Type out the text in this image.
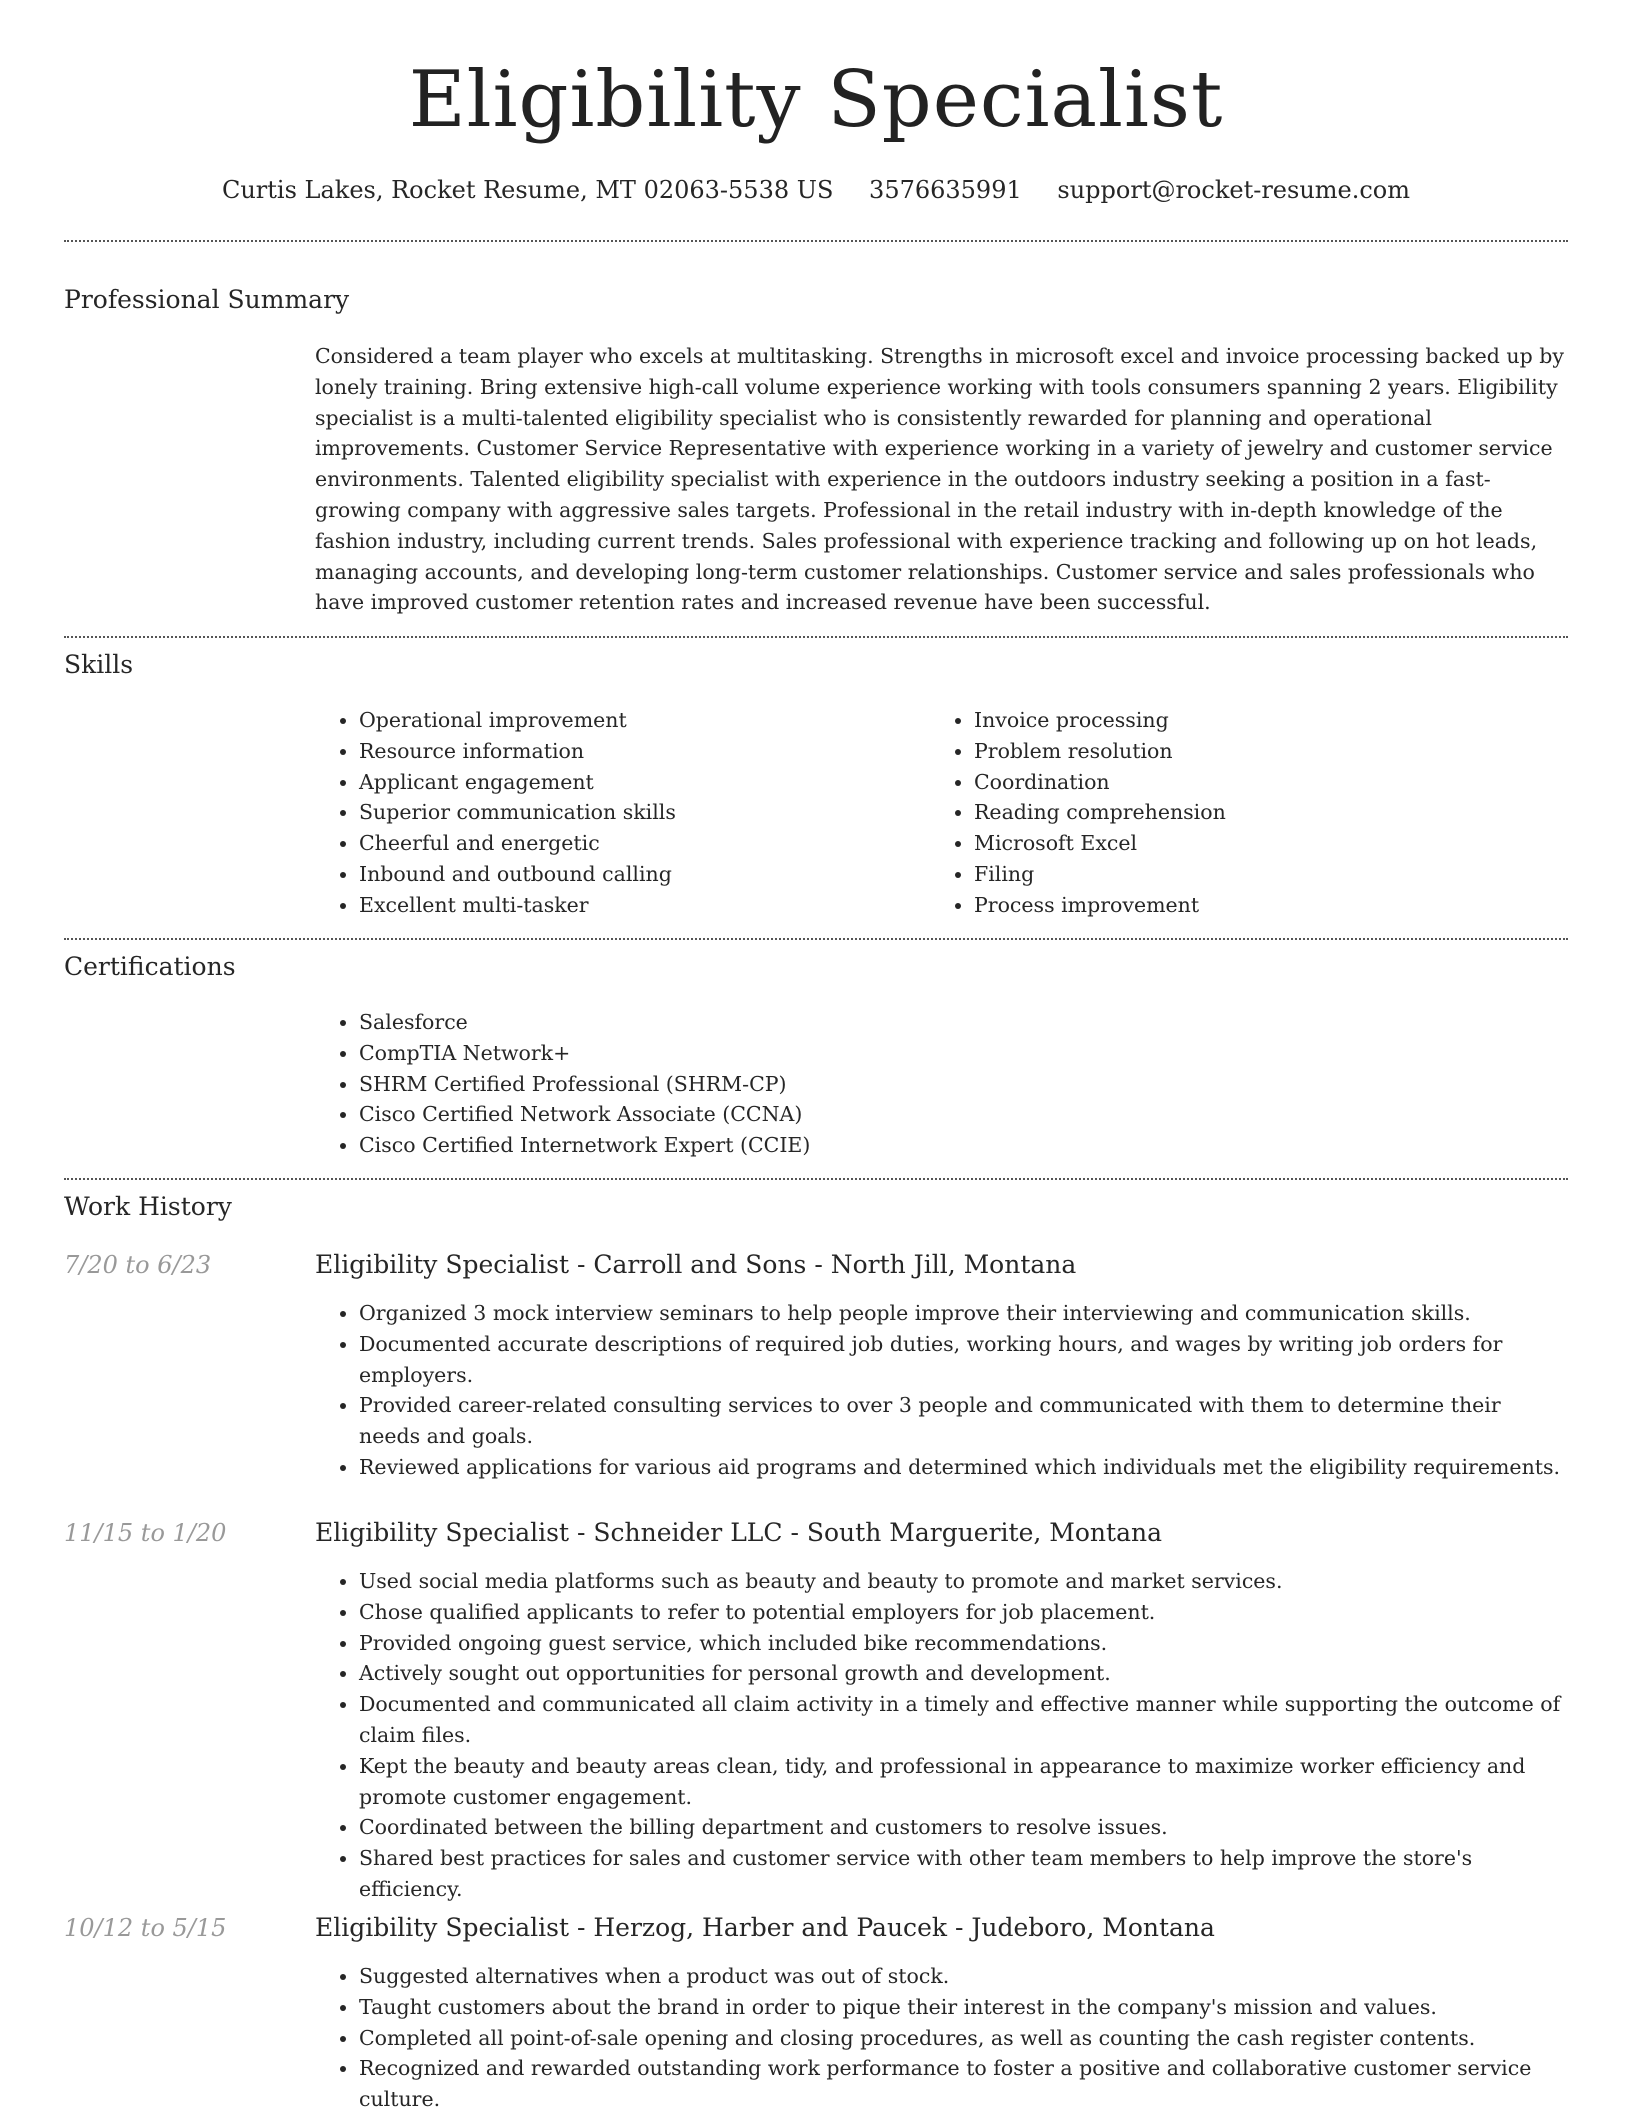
Eligibility Specialist
Curtis Lakes, Rocket Resume, MT 02063-5538 US 3576635991 support@rocket-resume.com
Professional Summary

Considered a team player who excels at multitasking. Strengths in microsoft excel and invoice processing backed up by lonely training. Bring extensive high-call volume experience working with tools consumers spanning 2 years. Eligibility specialist is a multi-talented eligibility specialist who is consistently rewarded for planning and operational improvements. Customer Service Representative with experience working in a variety of jewelry and customer service environments. Talented eligibility specialist with experience in the outdoors industry seeking a position in a fast-growing company with aggressive sales targets. Professional in the retail industry with in-depth knowledge of the fashion industry, including current trends. Sales professional with experience tracking and following up on hot leads, managing accounts, and developing long-term customer relationships. Customer service and sales professionals who have improved customer retention rates and increased revenue have been successful.

Skills
• Operational improvement
• Resource information
• Applicant engagement
• Superior communication skills
• Cheerful and energetic
• Inbound and outbound calling
• Excellent multi-tasker
• Invoice processing
• Problem resolution
• Coordination
• Reading comprehension
• Microsoft Excel
• Filing
• Process improvement
Certifications
• Salesforce
• CompTIA Network+
• SHRM Certified Professional (SHRM-CP)
• Cisco Certified Network Associate (CCNA)
• Cisco Certified Internetwork Expert (CCIE)
Work History
7/20 to 6/23	Eligibility Specialist - Carroll and Sons - North Jill, Montana
• Organized 3 mock interview seminars to help people improve their interviewing and communication skills.
• Documented accurate descriptions of required job duties, working hours, and wages by writing job orders for employers.
• Provided career-related consulting services to over 3 people and communicated with them to determine their needs and goals.
• Reviewed applications for various aid programs and determined which individuals met the eligibility requirements.
11/15 to 1/20	Eligibility Specialist - Schneider LLC - South Marguerite, Montana
• Used social media platforms such as beauty and beauty to promote and market services.
• Chose qualified applicants to refer to potential employers for job placement.
• Provided ongoing guest service, which included bike recommendations.
• Actively sought out opportunities for personal growth and development.
• Documented and communicated all claim activity in a timely and effective manner while supporting the outcome of claim files.
• Kept the beauty and beauty areas clean, tidy, and professional in appearance to maximize worker efficiency and promote customer engagement.
• Coordinated between the billing department and customers to resolve issues.
• Shared best practices for sales and customer service with other team members to help improve the store's efficiency.
10/12 to 5/15	Eligibility Specialist - Herzog, Harber and Paucek - Judeboro, Montana
• Suggested alternatives when a product was out of stock.
• Taught customers about the brand in order to pique their interest in the company's mission and values.
• Completed all point-of-sale opening and closing procedures, as well as counting the cash register contents.
• Recognized and rewarded outstanding work performance to foster a positive and collaborative customer service culture.
